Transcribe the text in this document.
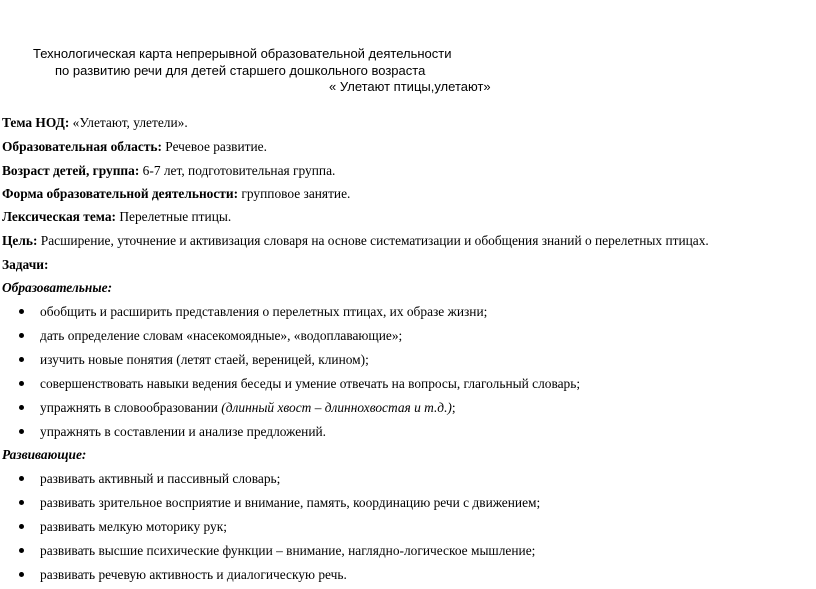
Технологическая карта непрерывной образовательной деятельности
по развитию речи для детей старшего дошкольного возраста
« Улетают птицы,улетают»
Тема НОД: «Улетают, улетели».
Образовательная область: Речевое развитие.
Возраст детей, группа: 6-7 лет, подготовительная группа.
Форма образовательной деятельности: групповое занятие.
Лексическая тема: Перелетные птицы.
Цель: Расширение, уточнение и активизация словаря на основе систематизации и обобщения знаний о перелетных птицах.
Задачи:
Образовательные:
обобщить и расширить представления о перелетных птицах, их образе жизни;
дать определение словам «насекомоядные», «водоплавающие»;
изучить новые понятия (летят стаей, вереницей, клином);
совершенствовать навыки ведения беседы и умение отвечать на вопросы, глагольный словарь;
упражнять в словообразовании (длинный хвост – длиннохвостая и т.д.);
упражнять в составлении и анализе предложений.
Развивающие:
развивать активный и пассивный словарь;
развивать зрительное восприятие и внимание, память, координацию речи с движением;
развивать мелкую моторику рук;
развивать высшие психические функции – внимание, наглядно-логическое мышление;
развивать речевую активность и диалогическую речь.
